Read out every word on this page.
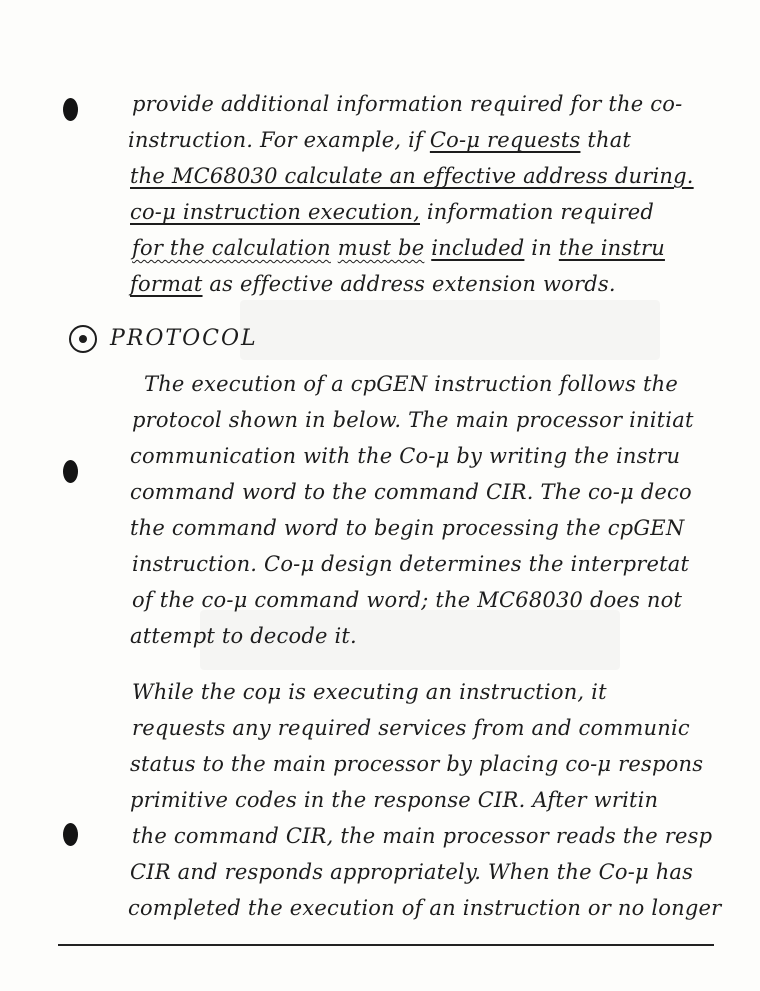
provide additional information required for the co-
instruction. For example, if Co-μ requests that
the MC68030 calculate an effective address during.
co-μ instruction execution, information required
for the calculation must be included in the instru
format as effective address extension words.
PROTOCOL
The execution of a cpGEN instruction follows the
protocol shown in below. The main processor initiat
communication with the Co-μ by writing the instru
command word to the command CIR. The co-μ deco
the command word to begin processing the cpGEN
instruction. Co-μ design determines the interpretat
of the co-μ command word; the MC68030 does not
attempt to decode it.
While the coμ is executing an instruction, it
requests any required services from and communic
status to the main processor by placing co-μ respons
primitive codes in the response CIR. After writin
the command CIR, the main processor reads the resp
CIR and responds appropriately. When the Co-μ has
completed the execution of an instruction or no longer
